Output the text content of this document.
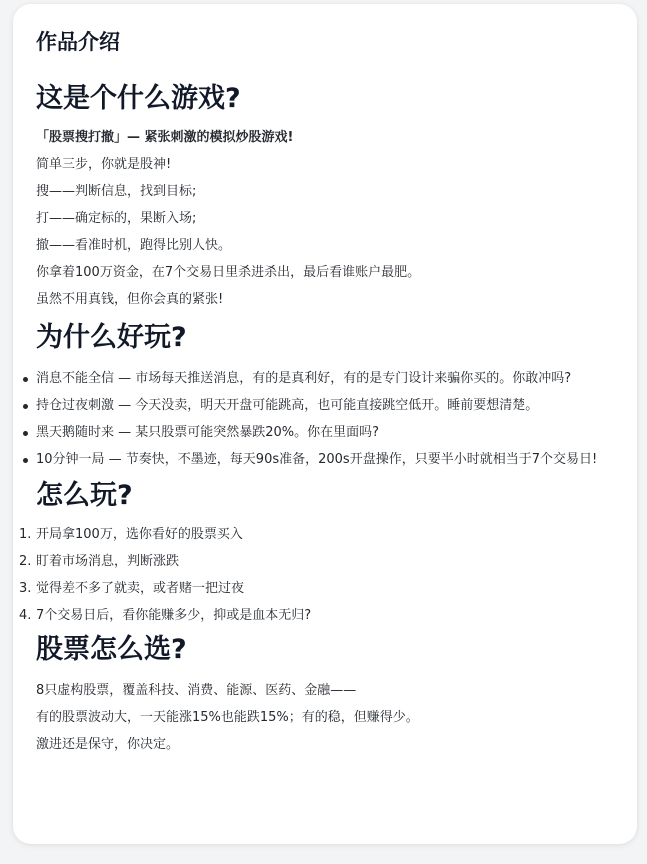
作品介绍
这是个什么游戏?

「股票搜打撤」— 紧张刺激的模拟炒股游戏!

简单三步，你就是股神!

搜——判断信息，找到目标;

打——确定标的，果断入场;

撤——看准时机，跑得比别人快。

你拿着100万资金，在7个交易日里杀进杀出，最后看谁账户最肥。

虽然不用真钱，但你会真的紧张!

为什么好玩?
消息不能全信 — 市场每天推送消息，有的是真利好，有的是专门设计来骗你买的。你敢冲吗?
持仓过夜刺激 — 今天没卖，明天开盘可能跳高，也可能直接跳空低开。睡前要想清楚。
黑天鹅随时来 — 某只股票可能突然暴跌20%。你在里面吗?
10分钟一局 — 节奏快，不墨迹，每天90s准备，200s开盘操作，只要半小时就相当于7个交易日!
怎么玩?
1. 开局拿100万，选你看好的股票买入
2. 盯着市场消息，判断涨跌
3. 觉得差不多了就卖，或者赌一把过夜
4. 7个交易日后，看你能赚多少，抑或是血本无归?
股票怎么选?

8只虚构股票，覆盖科技、消费、能源、医药、金融——

有的股票波动大，一天能涨15%也能跌15%；有的稳，但赚得少。

激进还是保守，你决定。
